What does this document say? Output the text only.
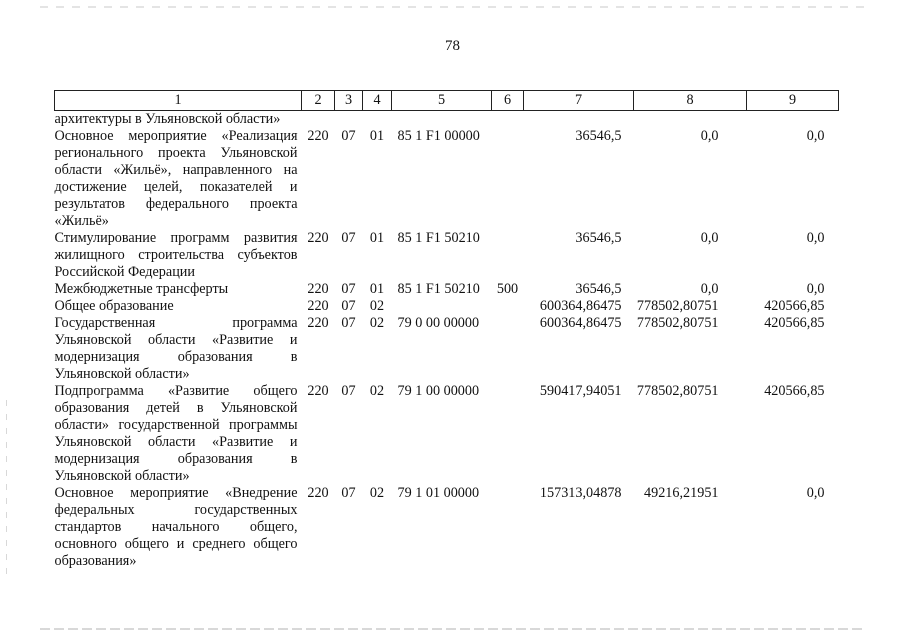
78
1	2	3	4	5	6	7	8	9
архитектуры в Ульяновской области»								
Основное мероприятие «Реализация регионального проекта Ульяновской области «Жильё», направленного на достижение целей, показателей и результатов федерального проекта «Жильё»	220	07	01	85 1 F1 00000		36546,5	0,0	0,0
Стимулирование программ развития жилищного строительства субъектов Российской Федерации	220	07	01	85 1 F1 50210		36546,5	0,0	0,0
Межбюджетные трансферты	220	07	01	85 1 F1 50210	500	36546,5	0,0	0,0
Общее образование	220	07	02			600364,86475	778502,80751	420566,85
Государственная программа Ульяновской области «Развитие и модернизация образования в Ульяновской области»	220	07	02	79 0 00 00000		600364,86475	778502,80751	420566,85
Подпрограмма «Развитие общего образования детей в Ульяновской области» государственной программы Ульяновской области «Развитие и модернизация образования в Ульяновской области»	220	07	02	79 1 00 00000		590417,94051	778502,80751	420566,85
Основное мероприятие «Внедрение федеральных государственных стандартов начального общего, основного общего и среднего общего образования»	220	07	02	79 1 01 00000		157313,04878	49216,21951	0,0
